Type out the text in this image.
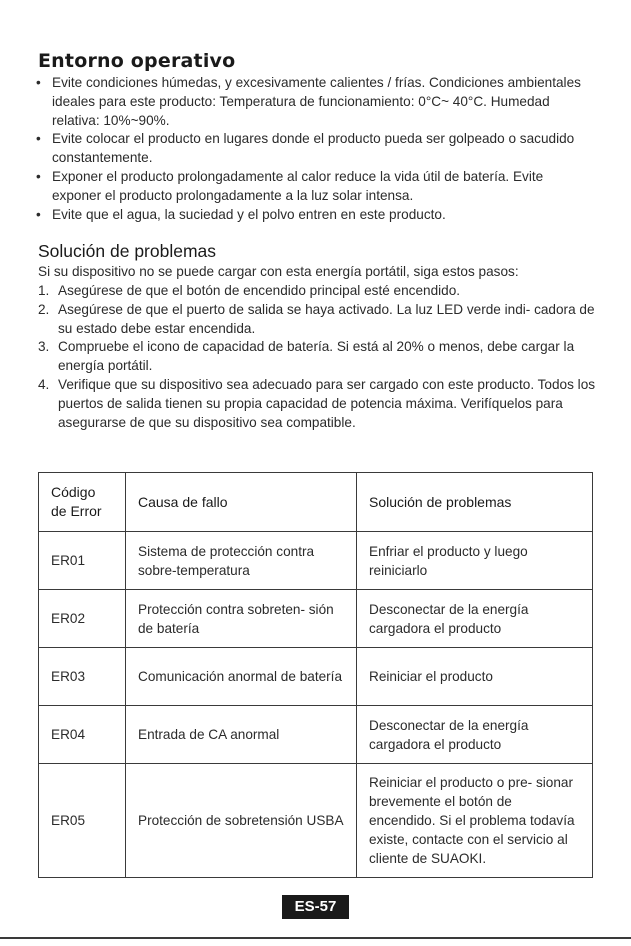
Entorno operativo
• Evite condiciones húmedas, y excesivamente calientes / frías. Condiciones ambientales ideales para este producto: Temperatura de funcionamiento: 0°C~ 40°C. Humedad relativa: 10%~90%.
• Evite colocar el producto en lugares donde el producto pueda ser golpeado o sacudido constantemente.
• Exponer el producto prolongadamente al calor reduce la vida útil de batería. Evite exponer el producto prolongadamente a la luz solar intensa.
• Evite que el agua, la suciedad y el polvo entren en este producto.
Solución de problemas

Si su dispositivo no se puede cargar con esta energía portátil, siga estos pasos:

1. Asegúrese de que el botón de encendido principal esté encendido.
2. Asegúrese de que el puerto de salida se haya activado. La luz LED verde indi- cadora de su estado debe estar encendida.
3. Compruebe el icono de capacidad de batería. Si está al 20% o menos, debe cargar la energía portátil.
4. Verifique que su dispositivo sea adecuado para ser cargado con este producto. Todos los puertos de salida tienen su propia capacidad de potencia máxima. Verifíquelos para asegurarse de que su dispositivo sea compatible.
Código de Error	Causa de fallo	Solución de problemas
ER01	Sistema de protección contra sobre-temperatura	Enfriar el producto y luego reiniciarlo
ER02	Protección contra sobreten- sión de batería	Desconectar de la energía cargadora el producto
ER03	Comunicación anormal de batería	Reiniciar el producto
ER04	Entrada de CA anormal	Desconectar de la energía cargadora el producto
ER05	Protección de sobretensión USBA	Reiniciar el producto o pre- sionar brevemente el botón de encendido. Si el problema todavía existe, contacte con el servicio al cliente de SUAOKI.
ES-57
